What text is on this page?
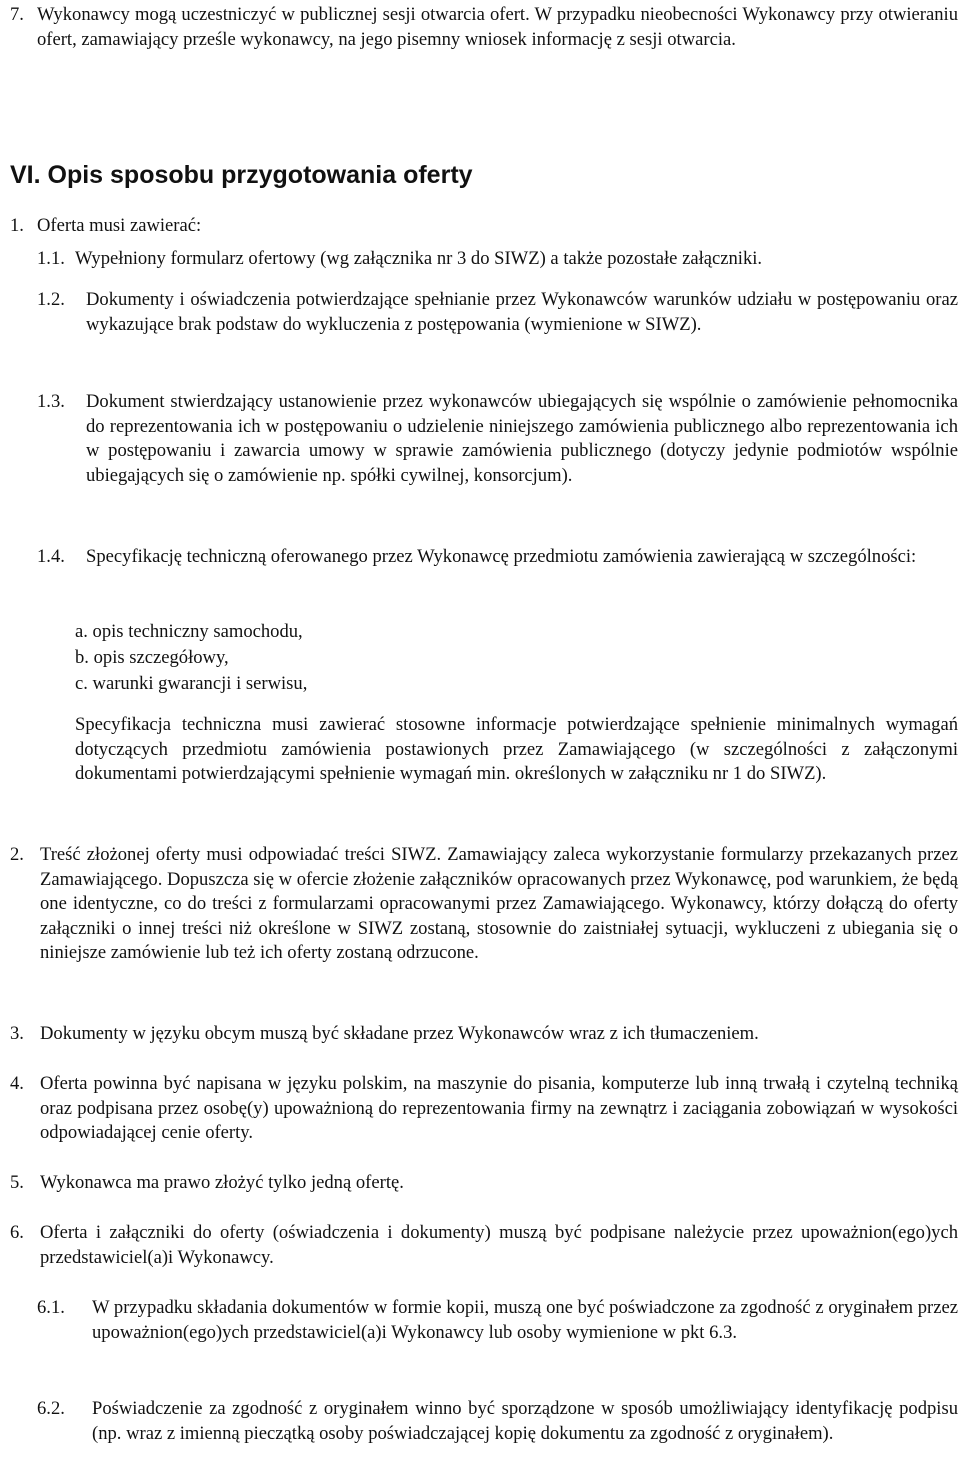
7. Wykonawcy mogą uczestniczyć w publicznej sesji otwarcia ofert. W przypadku nieobecności Wykonawcy przy otwieraniu ofert, zamawiający prześle wykonawcy, na jego pisemny wniosek informację z sesji otwarcia.

VI. Opis sposobu przygotowania oferty
1. Oferta musi zawierać:

1.1. Wypełniony formularz ofertowy (wg załącznika nr 3 do SIWZ) a także pozostałe załączniki.

1.2. Dokumenty i oświadczenia potwierdzające spełnianie przez Wykonawców warunków udziału w postępowaniu oraz wykazujące brak podstaw do wykluczenia z postępowania (wymienione w SIWZ).

1.3. Dokument stwierdzający ustanowienie przez wykonawców ubiegających się wspólnie o zamówienie pełnomocnika do reprezentowania ich w postępowaniu o udzielenie niniejszego zamówienia publicznego albo reprezentowania ich w postępowaniu i zawarcia umowy w sprawie zamówienia publicznego (dotyczy jedynie podmiotów wspólnie ubiegających się o zamówienie np. spółki cywilnej, konsorcjum).

1.4. Specyfikację techniczną oferowanego przez Wykonawcę przedmiotu zamówienia zawierającą w szczególności:

a. opis techniczny samochodu,

b. opis szczegółowy,

c. warunki gwarancji i serwisu,

Specyfikacja techniczna musi zawierać stosowne informacje potwierdzające spełnienie minimalnych wymagań dotyczących przedmiotu zamówienia postawionych przez Zamawiającego (w szczególności z załączonymi dokumentami potwierdzającymi spełnienie wymagań min. określonych w załączniku nr 1 do SIWZ).

2. Treść złożonej oferty musi odpowiadać treści SIWZ. Zamawiający zaleca wykorzystanie formularzy przekazanych przez Zamawiającego. Dopuszcza się w ofercie złożenie załączników opracowanych przez Wykonawcę, pod warunkiem, że będą one identyczne, co do treści z formularzami opracowanymi przez Zamawiającego. Wykonawcy, którzy dołączą do oferty załączniki o innej treści niż określone w SIWZ zostaną, stosownie do zaistniałej sytuacji, wykluczeni z ubiegania się o niniejsze zamówienie lub też ich oferty zostaną odrzucone.

3. Dokumenty w języku obcym muszą być składane przez Wykonawców wraz z ich tłumaczeniem.

4. Oferta powinna być napisana w języku polskim, na maszynie do pisania, komputerze lub inną trwałą i czytelną techniką oraz podpisana przez osobę(y) upoważnioną do reprezentowania firmy na zewnątrz i zaciągania zobowiązań w wysokości odpowiadającej cenie oferty.

5. Wykonawca ma prawo złożyć tylko jedną ofertę.

6. Oferta i załączniki do oferty (oświadczenia i dokumenty) muszą być podpisane należycie przez upoważnion(ego)ych przedstawiciel(a)i Wykonawcy.

6.1. W przypadku składania dokumentów w formie kopii, muszą one być poświadczone za zgodność z oryginałem przez upoważnion(ego)ych przedstawiciel(a)i Wykonawcy lub osoby wymienione w pkt 6.3.

6.2. Poświadczenie za zgodność z oryginałem winno być sporządzone w sposób umożliwiający identyfikację podpisu (np. wraz z imienną pieczątką osoby poświadczającej kopię dokumentu za zgodność z oryginałem).
